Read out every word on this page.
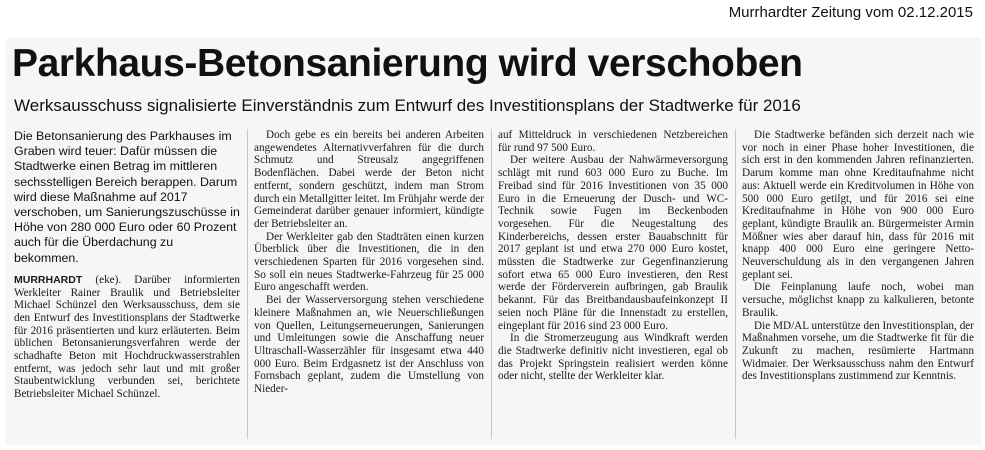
Murrhardter Zeitung vom 02.12.2015
Parkhaus-Betonsanierung wird verschoben
Werksausschuss signalisierte Einverständnis zum Entwurf des Investitionsplans der Stadtwerke für 2016

Die Betonsanierung des Parkhauses im Graben wird teuer: Dafür müssen die Stadtwerke einen Betrag im mittleren sechsstelligen Bereich berappen. Darum wird diese Maßnahme auf 2017 verschoben, um Sanierungszuschüsse in Höhe von 280 000 Euro oder 60 Prozent auch für die Überdachung zu bekommen.

MURRHARDT (eke). Darüber informierten Werkleiter Rainer Braulik und Betriebsleiter Michael Schünzel den Werksausschuss, dem sie den Entwurf des Investitionsplans der Stadtwerke für 2016 präsentierten und kurz erläuterten. Beim üblichen Betonsanierungsverfahren werde der schadhafte Beton mit Hochdruckwasserstrahlen entfernt, was jedoch sehr laut und mit großer Staubentwicklung verbunden sei, berichtete Betriebsleiter Michael Schünzel.

Doch gebe es ein bereits bei anderen Arbeiten angewendetes Alternativverfahren für die durch Schmutz und Streusalz angegriffenen Bodenflächen. Dabei werde der Beton nicht entfernt, sondern geschützt, indem man Strom durch ein Metallgitter leitet. Im Frühjahr werde der Gemeinderat darüber genauer informiert, kündigte der Betriebsleiter an.

Der Werkleiter gab den Stadträten einen kurzen Überblick über die Investitionen, die in den verschiedenen Sparten für 2016 vorgesehen sind. So soll ein neues Stadtwerke-Fahrzeug für 25 000 Euro angeschafft werden.

Bei der Wasserversorgung stehen verschiedene kleinere Maßnahmen an, wie Neuerschließungen von Quellen, Leitungserneuerungen, Sanierungen und Umleitungen sowie die Anschaffung neuer Ultraschall-Wasserzähler für insgesamt etwa 440 000 Euro. Beim Erdgasnetz ist der Anschluss von Fornsbach geplant, zudem die Umstellung von Nieder-

auf Mitteldruck in verschiedenen Netzbereichen für rund 97 500 Euro.

Der weitere Ausbau der Nahwärmeversorgung schlägt mit rund 603 000 Euro zu Buche. Im Freibad sind für 2016 Investitionen von 35 000 Euro in die Erneuerung der Dusch- und WC-Technik sowie Fugen im Beckenboden vorgesehen. Für die Neugestaltung des Kinderbereichs, dessen erster Bauabschnitt für 2017 geplant ist und etwa 270 000 Euro kostet, müssten die Stadtwerke zur Gegenfinanzierung sofort etwa 65 000 Euro investieren, den Rest werde der Förderverein aufbringen, gab Braulik bekannt. Für das Breitbandausbaufeinkonzept II seien noch Pläne für die Innenstadt zu erstellen, eingeplant für 2016 sind 23 000 Euro.

In die Stromerzeugung aus Windkraft werden die Stadtwerke definitiv nicht investieren, egal ob das Projekt Springstein realisiert werden könne oder nicht, stellte der Werkleiter klar.

Die Stadtwerke befänden sich derzeit nach wie vor noch in einer Phase hoher Investitionen, die sich erst in den kommenden Jahren refinanzierten. Darum komme man ohne Kreditaufnahme nicht aus: Aktuell werde ein Kreditvolumen in Höhe von 500 000 Euro getilgt, und für 2016 sei eine Kreditaufnahme in Höhe von 900 000 Euro geplant, kündigte Braulik an. Bürgermeister Armin Mößner wies aber darauf hin, dass für 2016 mit knapp 400 000 Euro eine geringere Netto-Neuverschuldung als in den vergangenen Jahren geplant sei.

Die Feinplanung laufe noch, wobei man versuche, möglichst knapp zu kalkulieren, betonte Braulik.

Die MD/AL unterstütze den Investitionsplan, der Maßnahmen vorsehe, um die Stadtwerke fit für die Zukunft zu machen, resümierte Hartmann Widmaier. Der Werksausschuss nahm den Entwurf des Investitionsplans zustimmend zur Kenntnis.
